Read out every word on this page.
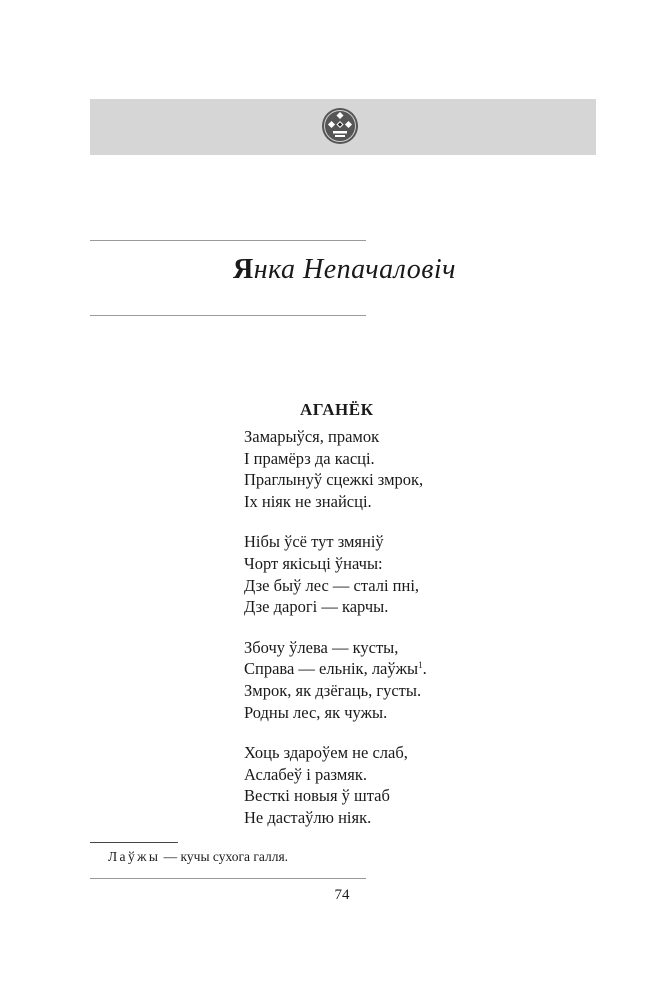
Янка Непачаловіч
АГАНЁК
Замарыўся, прамок
І прамёрз да касці.
Праглынуў сцежкі змрок,
Іх ніяк не знайсці.
Нібы ўсё тут змяніў
Чорт якісьці ўначы:
Дзе быў лес — сталі пні,
Дзе дарогі — карчы.
Збочу ўлева — кусты,
Справа — ельнік, лаўжы$^1$.
Змрок, як дзёгаць, густы.
Родны лес, як чужы.
Хоць здароўем не слаб,
Аслабеў і размяк.
Весткі новыя ў штаб
Не дастаўлю ніяк.
Лаўжы — кучы сухога галля.
74
